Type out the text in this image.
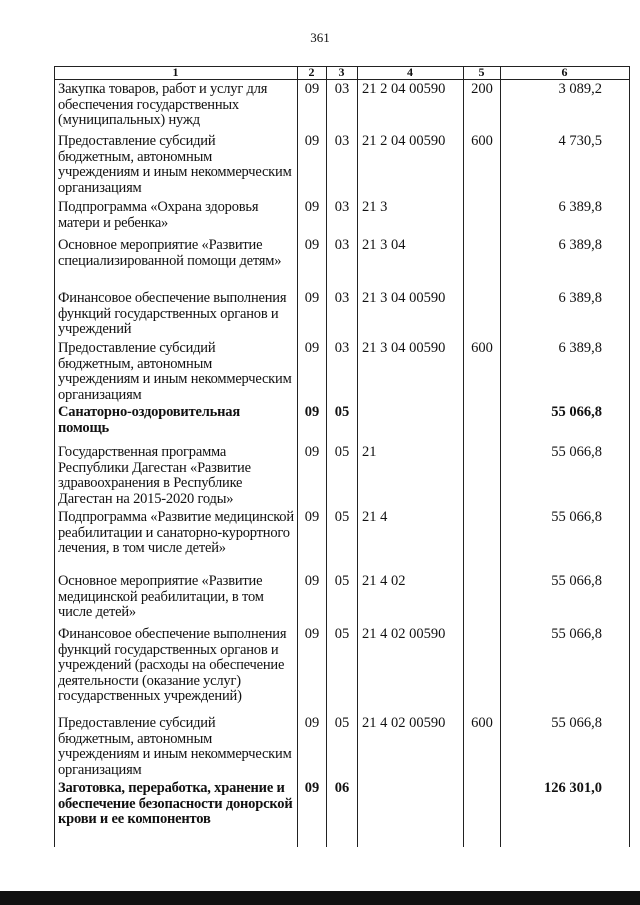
361
1	2	3	4	5	6
Закупка товаров, работ и услуг для обеспечения государственных (муниципальных) нужд
09	03 21 2 04 00590	200	3 089,2
Предоставление субсидий бюджетным, автономным учреждениям и иным некоммерческим организациям
09	03 21 2 04 00590	600	4 730,5
Подпрограмма «Охрана здоровья матери и ребенка»
09	03 21 3	6 389,8
Основное мероприятие «Развитие специализированной помощи детям»
09	03 21 3 04	6 389,8
Финансовое обеспечение выполнения функций государственных органов и учреждений
09	03 21 3 04 00590	6 389,8
Предоставление субсидий бюджетным, автономным учреждениям и иным некоммерческим организациям
09	03 21 3 04 00590	600	6 389,8
Санаторно-оздоровительная помощь
09	05	55 066,8
Государственная программа Республики Дагестан «Развитие здравоохранения в Республике Дагестан на 2015-2020 годы»
09	05 21	55 066,8
Подпрограмма «Развитие медицинской реабилитации и санаторно-курортного лечения, в том числе детей»
09	05 21 4	55 066,8
Основное мероприятие «Развитие медицинской реабилитации, в том числе детей»
09	05 21 4 02	55 066,8
Финансовое обеспечение выполнения функций государственных органов и учреждений (расходы на обеспечение деятельности (оказание услуг) государственных учреждений)
09	05 21 4 02 00590	55 066,8
Предоставление субсидий бюджетным, автономным учреждениям и иным некоммерческим организациям
09	05 21 4 02 00590	600	55 066,8
Заготовка, переработка, хранение и обеспечение безопасности донорской крови и ее компонентов
09	06	126 301,0
